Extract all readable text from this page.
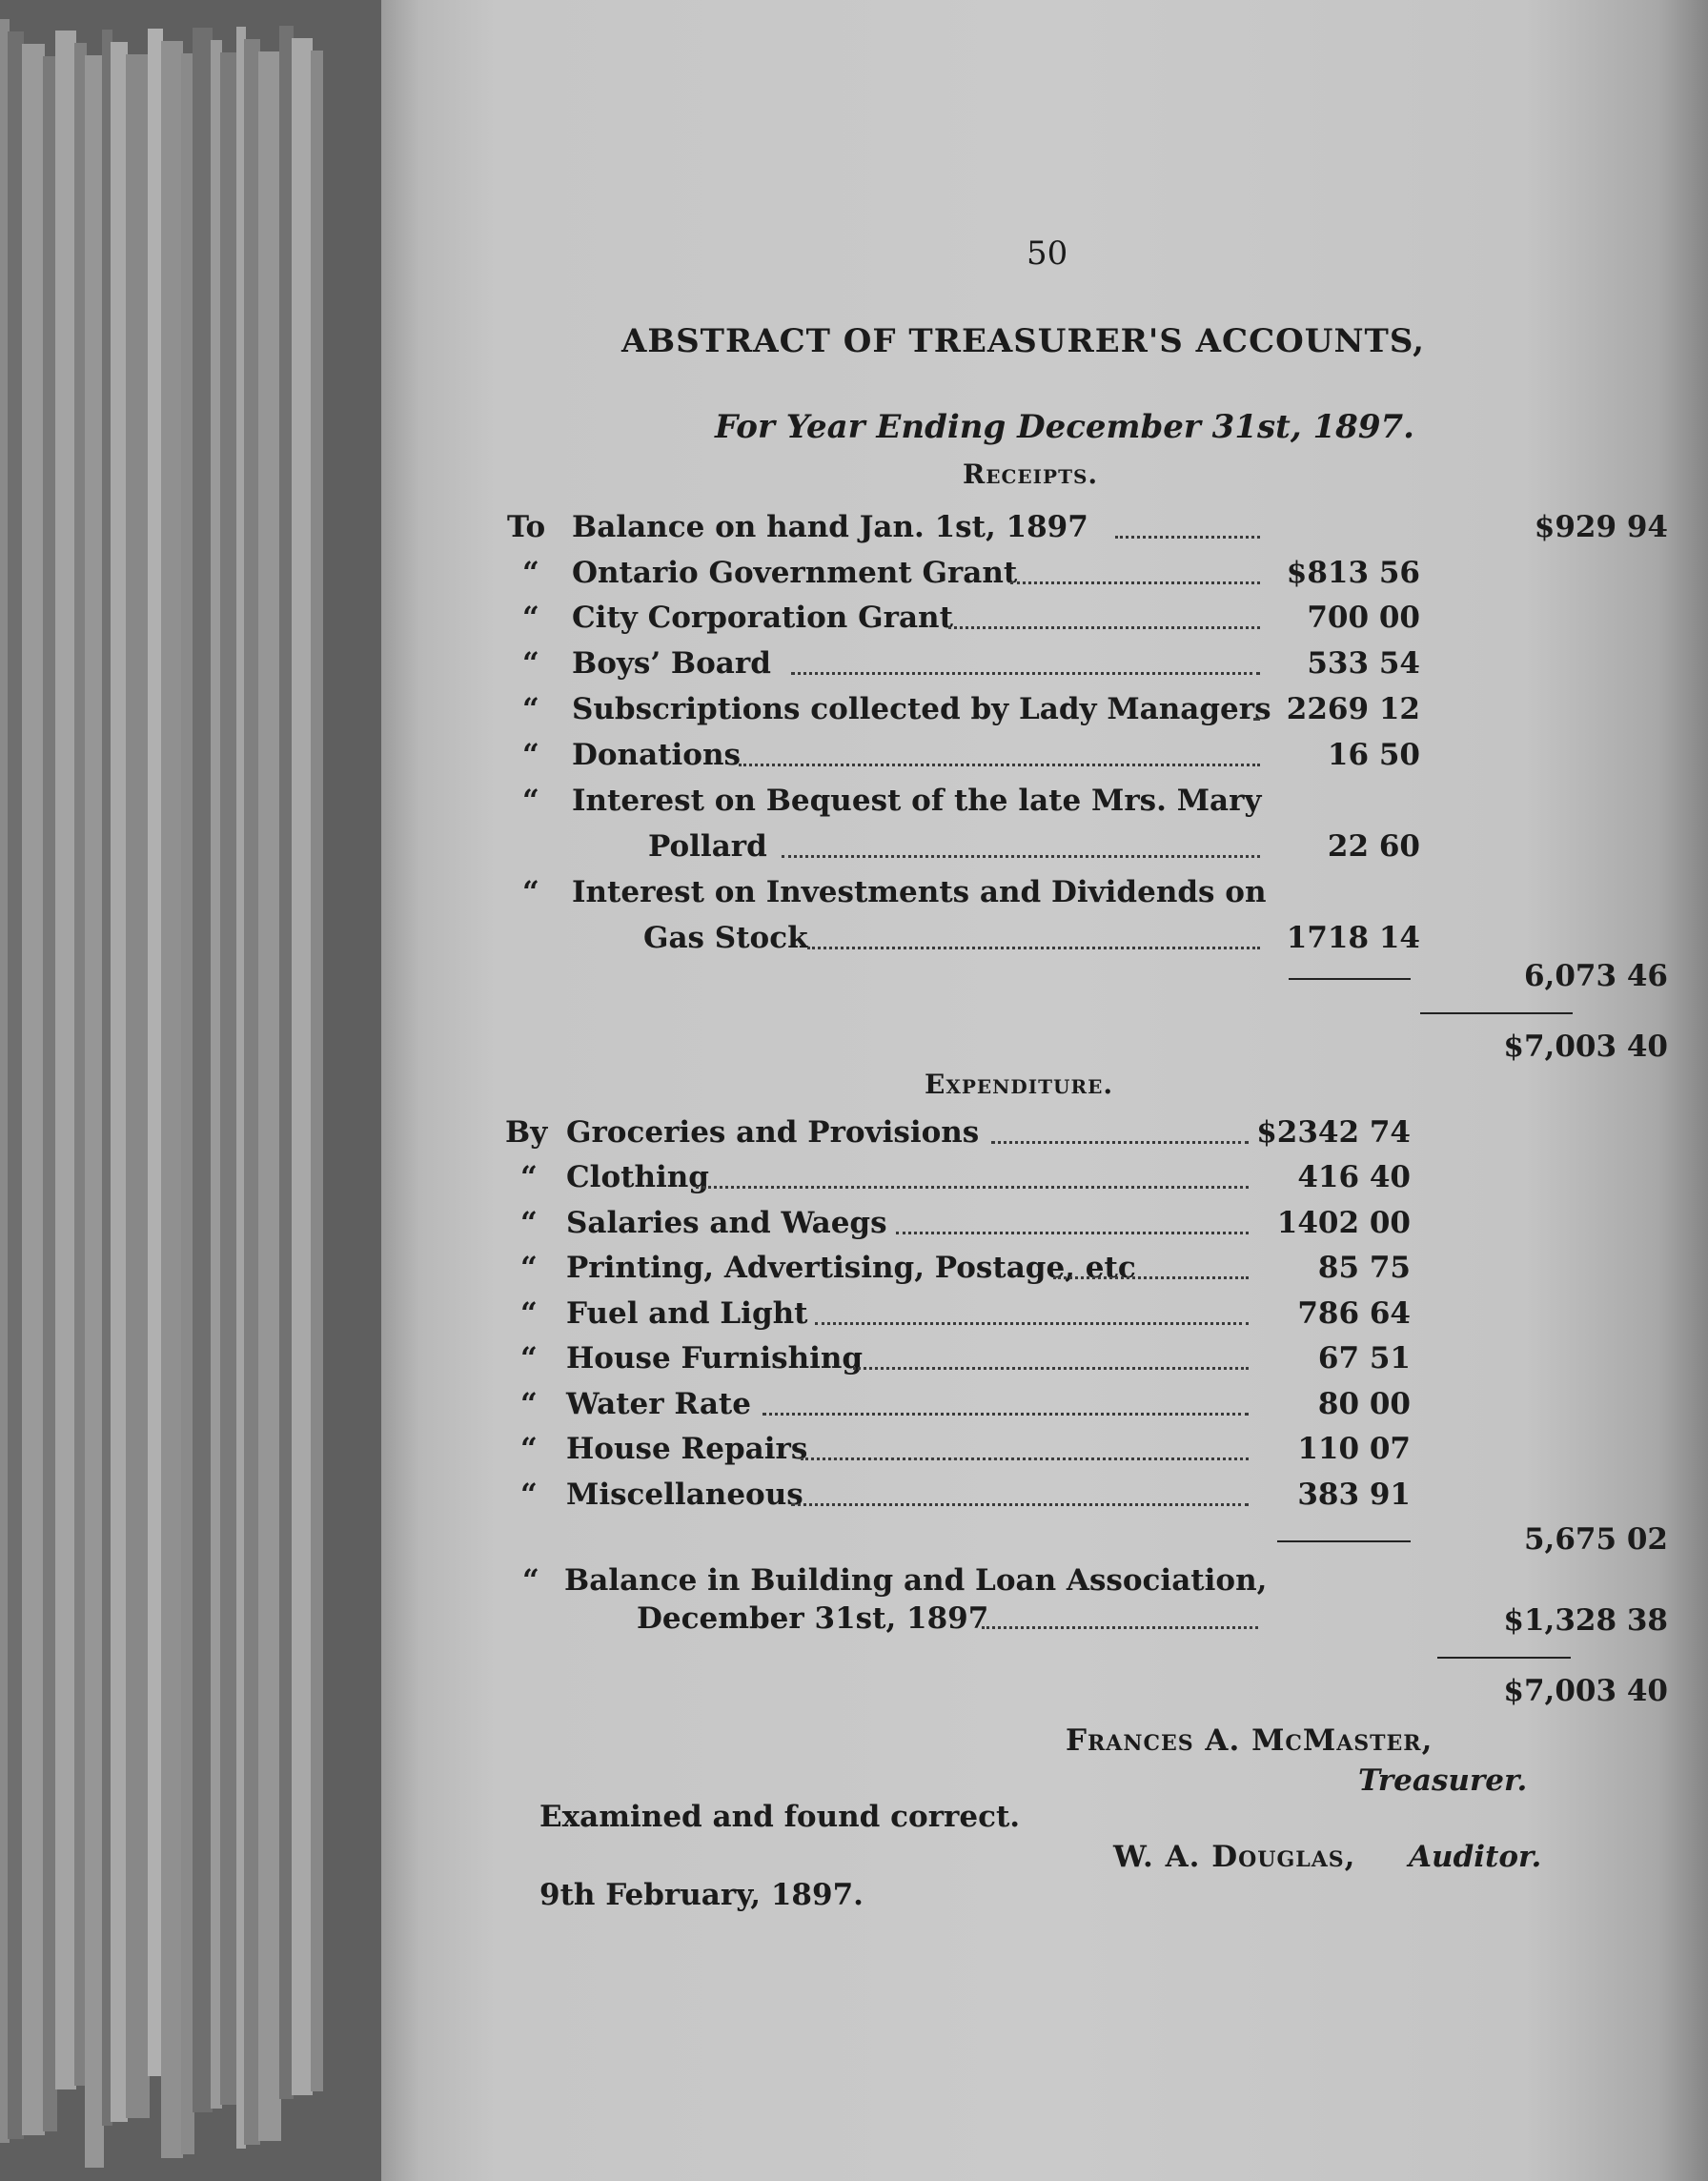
50
ABSTRACT OF TREASURER'S ACCOUNTS,
For Year Ending December 31st, 1897.
Receipts.
To Balance on hand Jan. 1st, 1897	$929 94
“ Ontario Government Grant	$813 56
“ City Corporation Grant	700 00
“ Boys’ Board	533 54
“ Subscriptions collected by Lady Managers 2269 12
“ Donations	16 50
“ Interest on Bequest of the late Mrs. Mary
Pollard	22 60
“ Interest on Investments and Dividends on
Gas Stock	1718 14
6,073 46
$7,003 40
Expenditure.
By Groceries and Provisions	$2342 74
“ Clothing	416 40
“ Salaries and Waegs	1402 00
“ Printing, Advertising, Postage, etc	85 75
“ Fuel and Light	786 64
“ House Furnishing	67 51
“ Water Rate	80 00
“ House Repairs	110 07
“ Miscellaneous	383 91
5,675 02
“ Balance in Building and Loan Association,
December 31st, 1897	$1,328 38
$7,003 40
Frances A. McMaster,
Treasurer.
Examined and found correct.
W. A. Douglas, Auditor.
9th February, 1897.
